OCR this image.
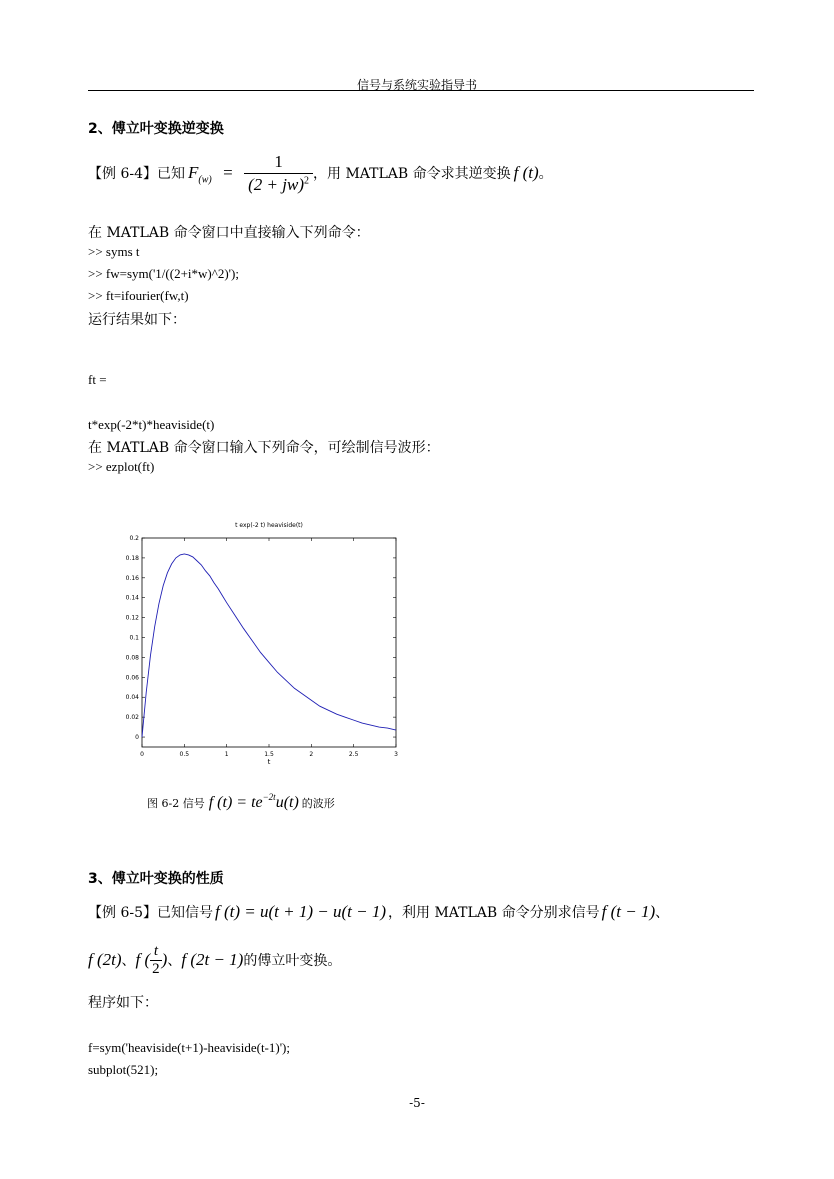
信号与系统实验指导书
2、傅立叶变换逆变换
【例 6-4】 已知 $F_{(w)} = \frac{1}{(2 + jw)^2}$ ，用 MATLAB 命令求其逆变换 f (t) 。
在 MATLAB 命令窗口中直接输入下列命令：
>> syms t
>> fw=sym('1/((2+i*w)^2)');
>> ft=ifourier(fw,t)
运行结果如下：
ft =
t*exp(-2*t)*heaviside(t)
在 MATLAB 命令窗口输入下列命令，可绘制信号波形：
>> ezplot(ft)
t exp(-2 t) heaviside(t)
0	0.5	1	1.5	2	2.5	3
0
0.02
0.04
0.06
0.08
0.1
0.12
0.14
0.16
0.18
0.2
t
图 6-2 信号 f $(t) = te^{-2t}$ u(t) 的波形
3、傅立叶变换的性质
【例 6-5】 已知信号 f (t) = u(t + 1) − u(t − 1) ，利用 MATLAB 命令分别求信号 f (t − 1) 、
f (2t) 、 f ( $\frac{t}{2}$ ) 、 f (2t − 1) 的傅立叶变换。
程序如下：
f=sym('heaviside(t+1)-heaviside(t-1)');
subplot(521);
-5-
